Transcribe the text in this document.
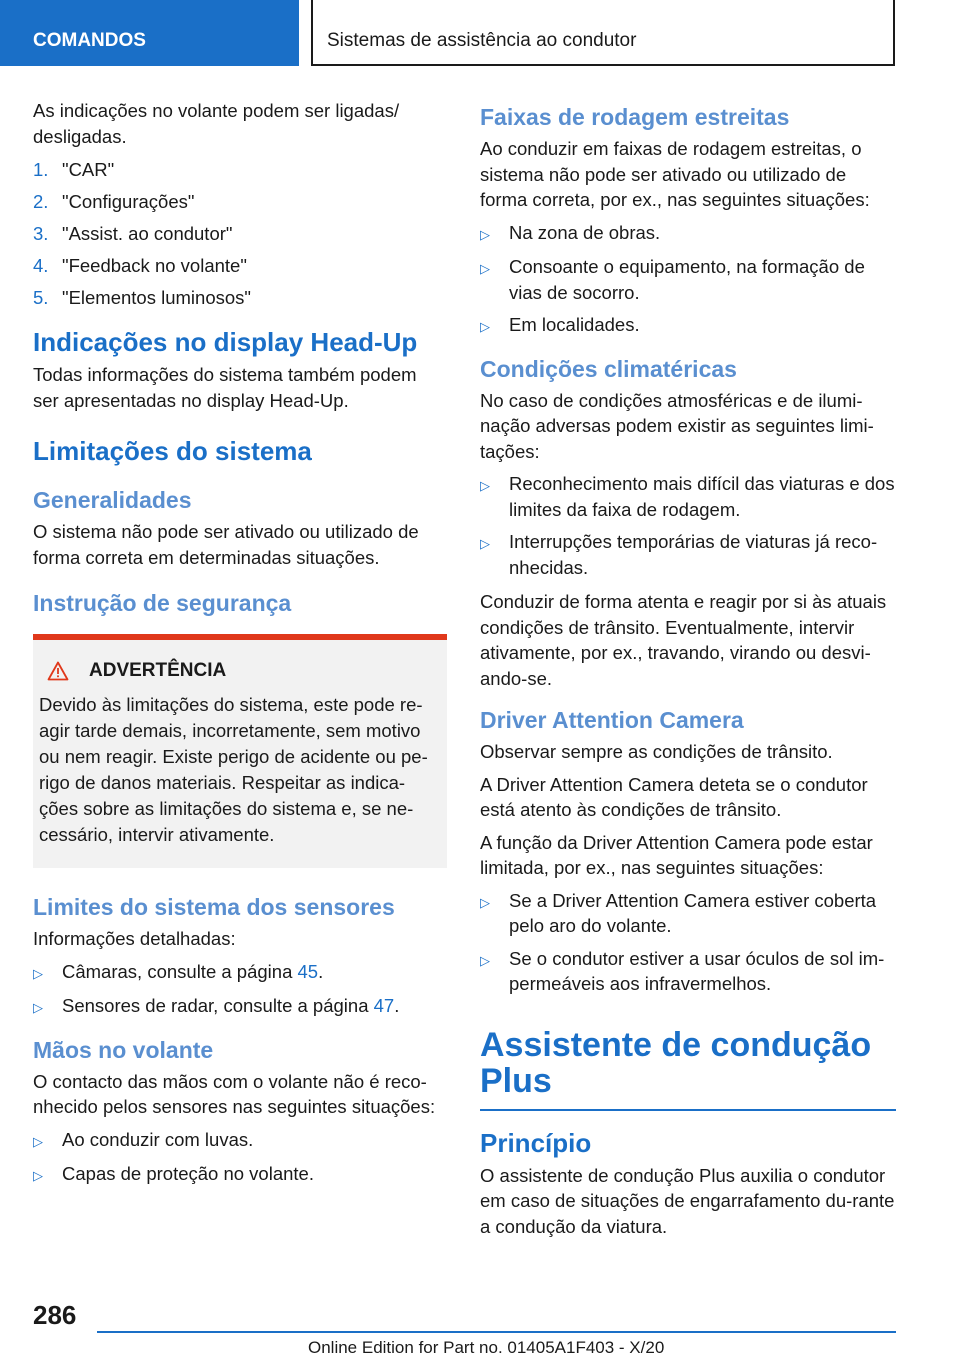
COMANDOS	Sistemas de assistência ao condutor

As indicações no volante podem ser ligadas/ desligadas.

1. "CAR"
2. "Configurações"
3. "Assist. ao condutor"
4. "Feedback no volante"
5. "Elementos luminosos"
Indicações no display Head-Up

Todas informações do sistema também podem ser apresentadas no display Head-Up.

Limitações do sistema
Generalidades

O sistema não pode ser ativado ou utilizado de forma correta em determinadas situações.

Instrução de segurança
ADVERTÊNCIA

Devido às limitações do sistema, este pode re-agir tarde demais, incorretamente, sem motivo ou nem reagir. Existe perigo de acidente ou pe-rigo de danos materiais. Respeitar as indica-ções sobre as limitações do sistema e, se ne-cessário, intervir ativamente.

Limites do sistema dos sensores

Informações detalhadas:

▷	Câmaras, consulte a página 45.
▷	Sensores de radar, consulte a página 47.
Mãos no volante

O contacto das mãos com o volante não é reco-nhecido pelos sensores nas seguintes situações:

▷	Ao conduzir com luvas.
▷	Capas de proteção no volante.
Faixas de rodagem estreitas

Ao conduzir em faixas de rodagem estreitas, o sistema não pode ser ativado ou utilizado de forma correta, por ex., nas seguintes situações:

▷	Na zona de obras.
▷	Consoante o equipamento, na formação de vias de socorro.
▷	Em localidades.
Condições climatéricas

No caso de condições atmosféricas e de ilumi-nação adversas podem existir as seguintes limi-tações:

▷	Reconhecimento mais difícil das viaturas e dos limites da faixa de rodagem.
▷	Interrupções temporárias de viaturas já reco-nhecidas.

Conduzir de forma atenta e reagir por si às atuais condições de trânsito. Eventualmente, intervir ativamente, por ex., travando, virando ou desvi-ando-se.

Driver Attention Camera

Observar sempre as condições de trânsito.

A Driver Attention Camera deteta se o condutor está atento às condições de trânsito.

A função da Driver Attention Camera pode estar limitada, por ex., nas seguintes situações:

▷	Se a Driver Attention Camera estiver coberta pelo aro do volante.
▷	Se o condutor estiver a usar óculos de sol im-permeáveis aos infravermelhos.
Assistente de condução Plus
Princípio

O assistente de condução Plus auxilia o condutor em caso de situações de engarrafamento du-rante a condução da viatura.

286
Online Edition for Part no. 01405A1F403 - X/20
